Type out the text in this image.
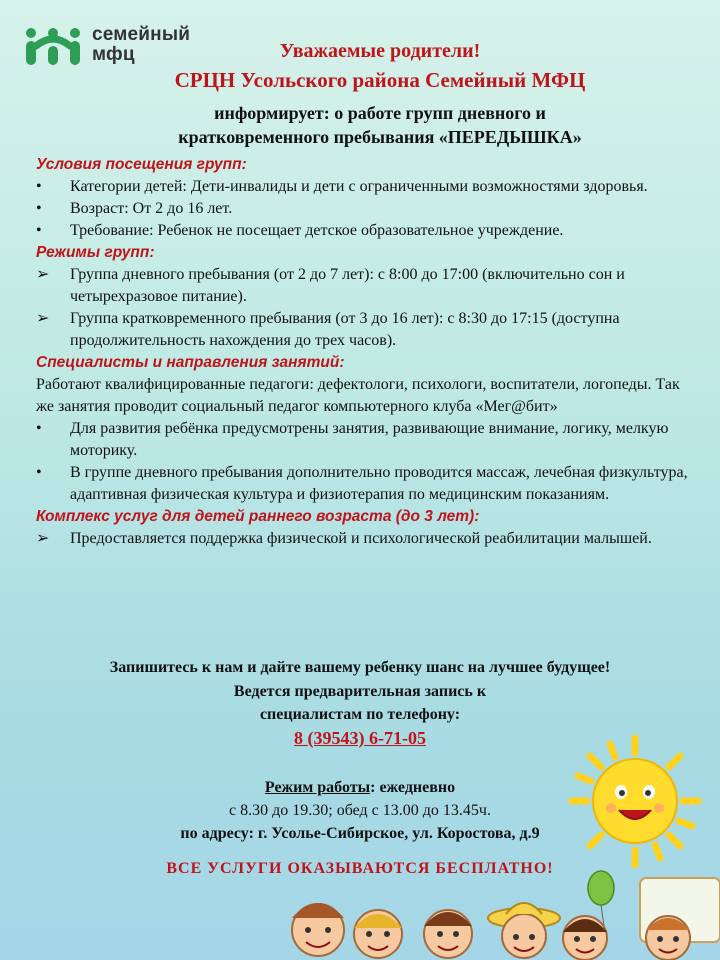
семейный
мфц	Уважаемые родители!
СРЦН Усольского района Семейный МФЦ
информирует: о работе групп дневного и
кратковременного пребывания «ПЕРЕДЫШКА»
Условия посещения групп:
•	Категории детей: Дети-инвалиды и дети с ограниченными возможностями здоровья.
•	Возраст: От 2 до 16 лет.
•	Требование: Ребенок не посещает детское образовательное учреждение.
Режимы групп:
➢	Группа дневного пребывания (от 2 до 7 лет): с 8:00 до 17:00 (включительно сон и четырехразовое питание).
➢	Группа кратковременного пребывания (от 3 до 16 лет): с 8:30 до 17:15 (доступна продолжительность нахождения до трех часов).
Специалисты и направления занятий:
Работают квалифицированные педагоги: дефектологи, психологи, воспитатели, логопеды. Так же занятия проводит социальный педагог компьютерного клуба «Мег@бит»
•	Для развития ребёнка предусмотрены занятия, развивающие внимание, логику, мелкую моторику.
•	В группе дневного пребывания дополнительно проводится массаж, лечебная физкультура, адаптивная физическая культура и физиотерапия по медицинским показаниям.
Комплекс услуг для детей раннего возраста (до 3 лет):
➢	Предоставляется поддержка физической и психологической реабилитации малышей.
Запишитесь к нам и дайте вашему ребенку шанс на лучшее будущее!
Ведется предварительная запись к
специалистам по телефону:
8 (39543) 6-71-05
Режим работы: ежедневно
с 8.30 до 19.30; обед с 13.00 до 13.45ч.
по адресу: г. Усолье-Сибирское, ул. Коростова, д.9
ВСЕ УСЛУГИ ОКАЗЫВАЮТСЯ БЕСПЛАТНО!
